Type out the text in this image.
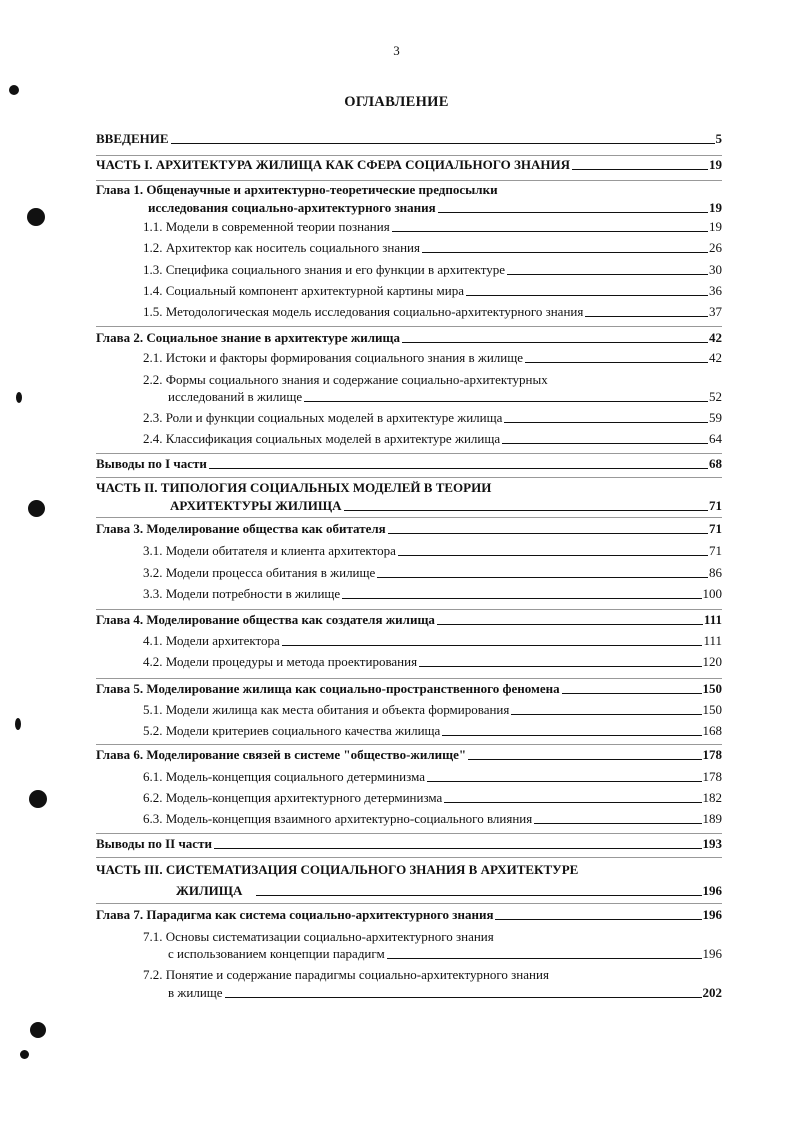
3
ОГЛАВЛЕНИЕ
ВВЕДЕНИЕ	5
ЧАСТЬ I. АРХИТЕКТУРА ЖИЛИЩА КАК СФЕРА СОЦИАЛЬНОГО ЗНАНИЯ	19
Глава 1. Общенаучные и архитектурно-теоретические предпосылки
исследования социально-архитектурного знания	19
1.1. Модели в современной теории познания	19
1.2. Архитектор как носитель социального знания	26
1.3. Специфика социального знания и его функции в архитектуре	30
1.4. Социальный компонент архитектурной картины мира	36
1.5. Методологическая модель исследования социально-архитектурного знания	37
Глава 2. Социальное знание в архитектуре жилища	42
2.1. Истоки и факторы формирования социального знания в жилище	42
2.2. Формы социального знания и содержание социально-архитектурных
исследований в жилище	52
2.3. Роли и функции социальных моделей в архитектуре жилища	59
2.4. Классификация социальных моделей в архитектуре жилища	64
Выводы по I части	68
ЧАСТЬ II. ТИПОЛОГИЯ СОЦИАЛЬНЫХ МОДЕЛЕЙ В ТЕОРИИ
АРХИТЕКТУРЫ ЖИЛИЩА	71
Глава 3. Моделирование общества как обитателя	71
3.1. Модели обитателя и клиента архитектора	71
3.2. Модели процесса обитания в жилище	86
3.3. Модели потребности в жилище	100
Глава 4. Моделирование общества как создателя жилища	111
4.1. Модели архитектора	111
4.2. Модели процедуры и метода проектирования	120
Глава 5. Моделирование жилища как социально-пространственного феномена	150
5.1. Модели жилища как места обитания и объекта формирования	150
5.2. Модели критериев социального качества жилища	168
Глава 6. Моделирование связей в системе "общество-жилище"	178
6.1. Модель-концепция социального детерминизма	178
6.2. Модель-концепция архитектурного детерминизма	182
6.3. Модель-концепция взаимного архитектурно-социального влияния	189
Выводы по II части	193
ЧАСТЬ III. СИСТЕМАТИЗАЦИЯ СОЦИАЛЬНОГО ЗНАНИЯ В АРХИТЕКТУРЕ
ЖИЛИЩА	196
Глава 7. Парадигма как система социально-архитектурного знания	196
7.1. Основы систематизации социально-архитектурного знания
с использованием концепции парадигм	196
7.2. Понятие и содержание парадигмы социально-архитектурного знания
в жилище	202
